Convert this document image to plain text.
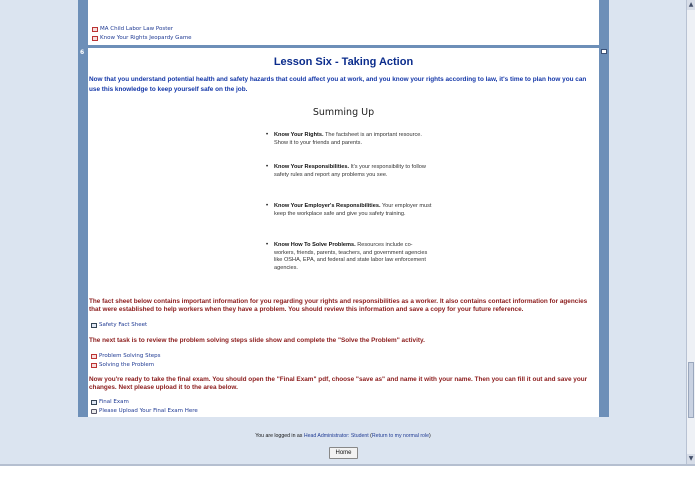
MA Child Labor Law Poster
Know Your Rights Jeopardy Game
6
Lesson Six - Taking Action
Now that you understand potential health and safety hazards that could affect you at work, and you know your rights according to law, it's time to plan how you can use this knowledge to keep yourself safe on the job.
Summing Up
• Know Your Rights. The factsheet is an important resource. Show it to your friends and parents.
• Know Your Responsibilities. It's your responsibility to follow safety rules and report any problems you see.
• Know Your Employer's Responsibilities. Your employer must keep the workplace safe and give you safety training.
• Know How To Solve Problems. Resources include co-workers, friends, parents, teachers, and government agencies like OSHA, EPA, and federal and state labor law enforcement agencies.
The fact sheet below contains important information for you regarding your rights and responsibilities as a worker. It also contains contact information for agencies that were established to help workers when they have a problem. You should review this information and save a copy for your future reference.
Safety Fact Sheet
The next task is to review the problem solving steps slide show and complete the "Solve the Problem" activity.
Problem Solving Steps
Solving the Problem
Now you're ready to take the final exam. You should open the "Final Exam" pdf, choose "save as" and name it with your name. Then you can fill it out and save your changes. Next please upload it to the area below.
Final Exam
Please Upload Your Final Exam Here
You are logged in as Head Administrator: Student (Return to my normal role)
Home
▲
▼
